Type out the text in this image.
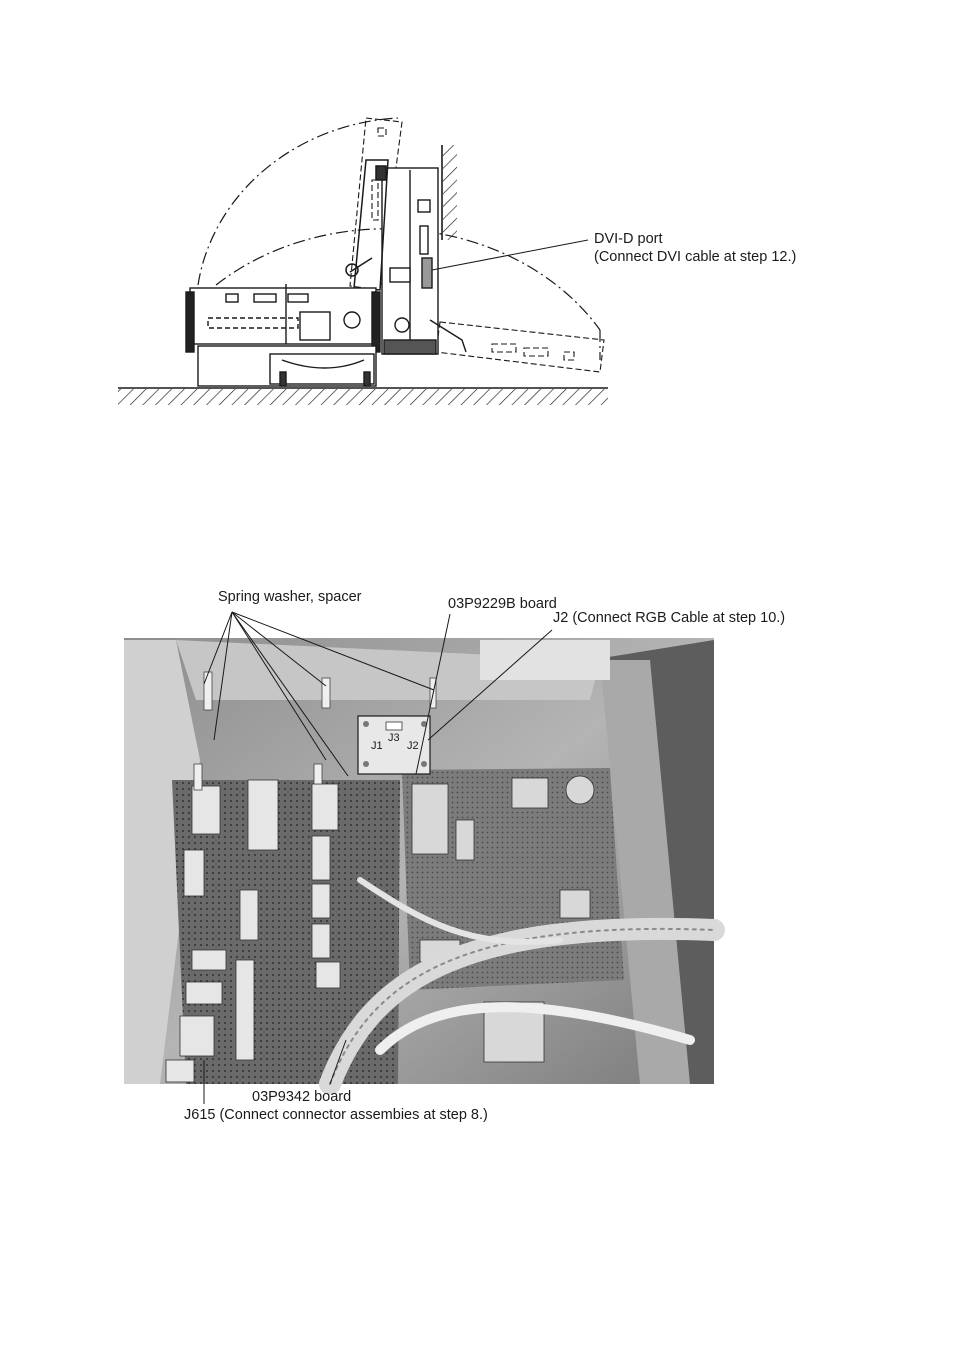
DVI-D port
(Connect DVI cable at step 12.)
J1
J3
J2
Spring washer, spacer	03P9229B board
J2 (Connect RGB Cable at step 10.)
03P9342 board
J615 (Connect connector assembies at step 8.)
